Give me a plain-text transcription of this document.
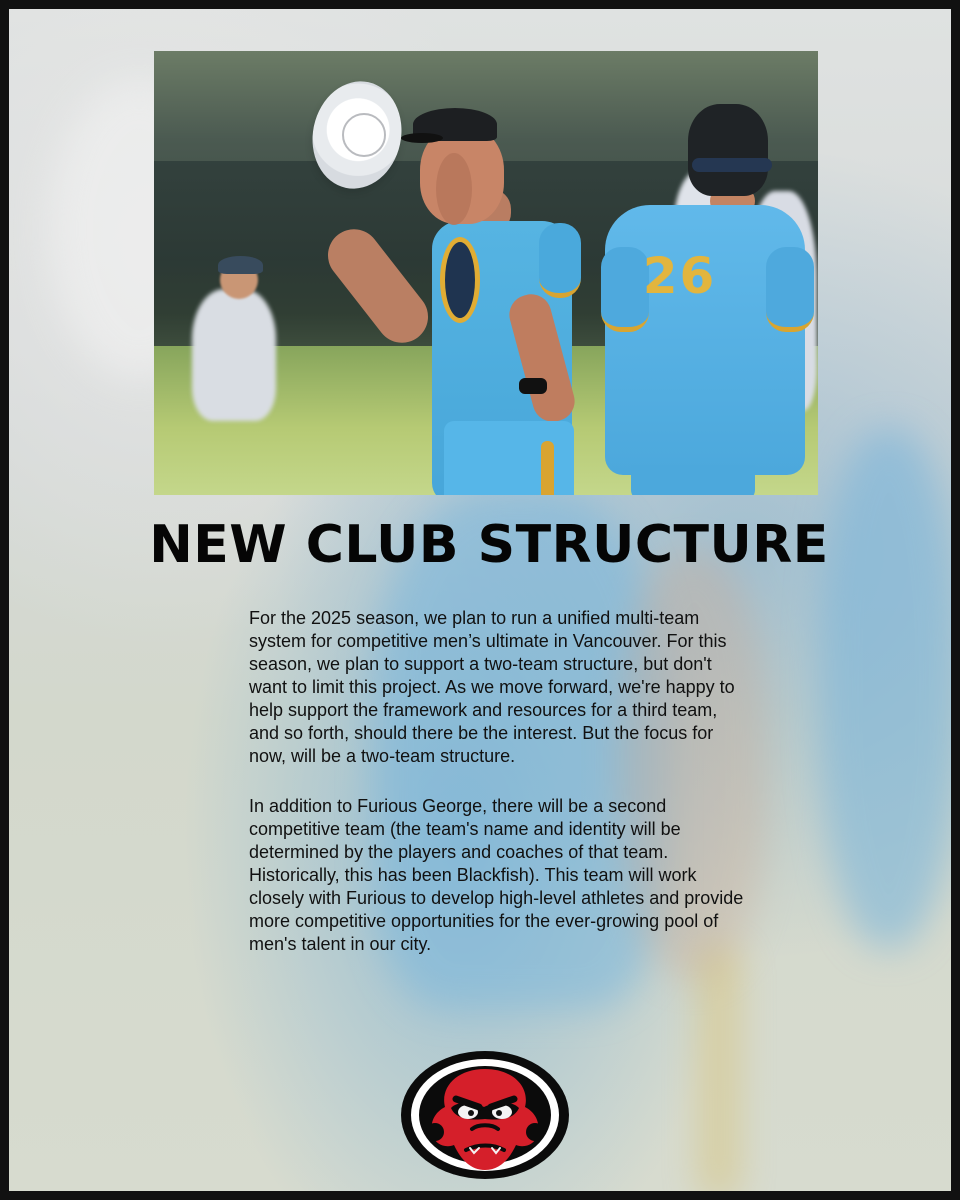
26
NEW CLUB STRUCTURE

For the 2025 season, we plan to run a unified multi-team system for competitive men’s ultimate in Vancouver. For this season, we plan to support a two-team structure, but don't want to limit this project. As we move forward, we're happy to help support the framework and resources for a third team, and so forth, should there be the interest. But the focus for now, will be a two-team structure.

In addition to Furious George, there will be a second competitive team (the team's name and identity will be determined by the players and coaches of that team. Historically, this has been Blackfish). This team will work closely with Furious to develop high-level athletes and provide more competitive opportunities for the ever-growing pool of men's talent in our city.
